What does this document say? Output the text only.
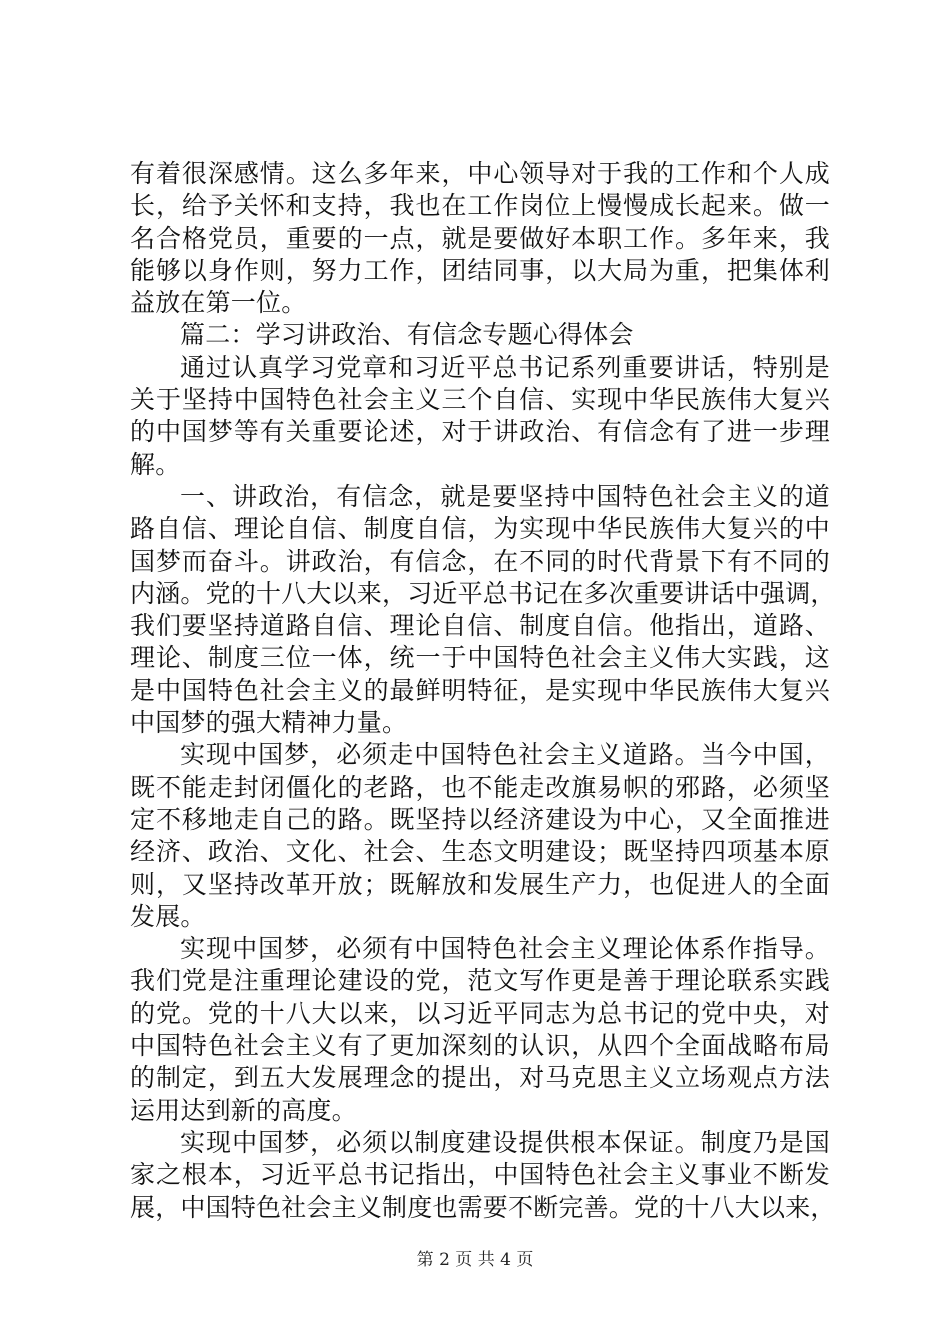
有着很深感情。这么多年来，中心领导对于我的工作和个人成
长，给予关怀和支持，我也在工作岗位上慢慢成长起来。做一
名合格党员，重要的一点，就是要做好本职工作。多年来，我
能够以身作则，努力工作，团结同事，以大局为重，把集体利
益放在第一位。
篇二：学习讲政治、有信念专题心得体会
通过认真学习党章和习近平总书记系列重要讲话，特别是
关于坚持中国特色社会主义三个自信、实现中华民族伟大复兴
的中国梦等有关重要论述，对于讲政治、有信念有了进一步理
解。
一、讲政治，有信念，就是要坚持中国特色社会主义的道
路自信、理论自信、制度自信，为实现中华民族伟大复兴的中
国梦而奋斗。讲政治，有信念，在不同的时代背景下有不同的
内涵。党的十八大以来，习近平总书记在多次重要讲话中强调，
我们要坚持道路自信、理论自信、制度自信。他指出，道路、
理论、制度三位一体，统一于中国特色社会主义伟大实践，这
是中国特色社会主义的最鲜明特征，是实现中华民族伟大复兴
中国梦的强大精神力量。
实现中国梦，必须走中国特色社会主义道路。当今中国，
既不能走封闭僵化的老路，也不能走改旗易帜的邪路，必须坚
定不移地走自己的路。既坚持以经济建设为中心，又全面推进
经济、政治、文化、社会、生态文明建设；既坚持四项基本原
则，又坚持改革开放；既解放和发展生产力，也促进人的全面
发展。
实现中国梦，必须有中国特色社会主义理论体系作指导。
我们党是注重理论建设的党，范文写作更是善于理论联系实践
的党。党的十八大以来，以习近平同志为总书记的党中央，对
中国特色社会主义有了更加深刻的认识，从四个全面战略布局
的制定，到五大发展理念的提出，对马克思主义立场观点方法
运用达到新的高度。
实现中国梦，必须以制度建设提供根本保证。制度乃是国
家之根本，习近平总书记指出，中国特色社会主义事业不断发
展，中国特色社会主义制度也需要不断完善。党的十八大以来，
第 2 页 共 4 页
